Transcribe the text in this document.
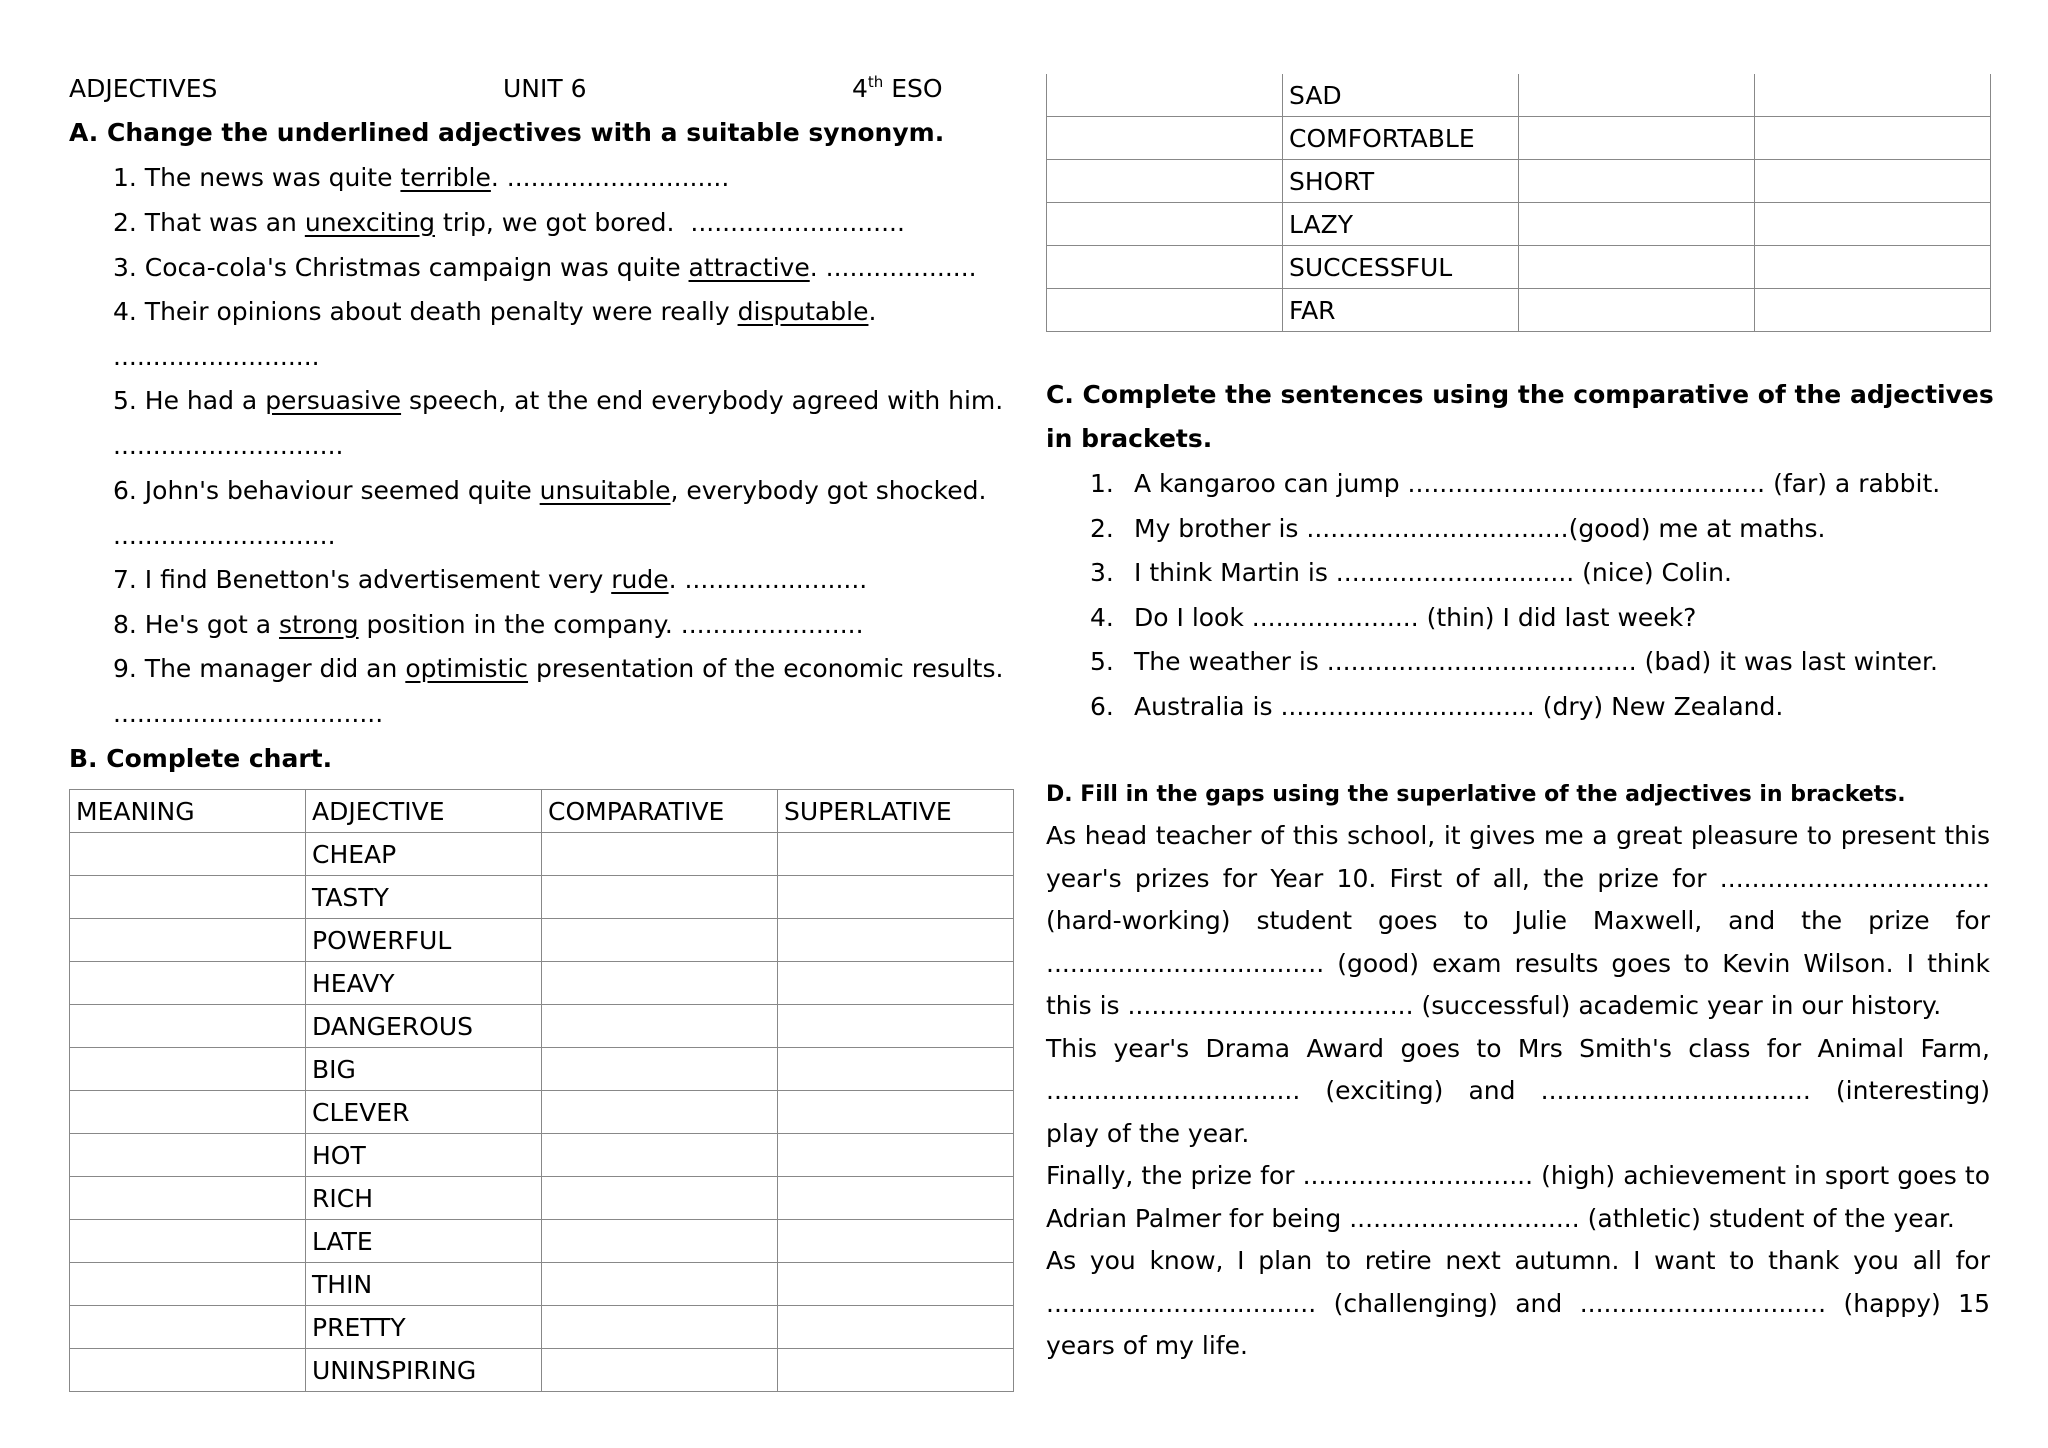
ADJECTIVES	UNIT 6	4th ESO
A. Change the underlined adjectives with a suitable synonym.
1. The news was quite terrible. ............................
2. That was an unexciting trip, we got bored.  ...........................
3. Coca-cola's Christmas campaign was quite attractive. ...................
4. Their opinions about death penalty were really disputable.
..........................
5. He had a persuasive speech, at the end everybody agreed with him.
.............................
6. John's behaviour seemed quite unsuitable, everybody got shocked.
............................
7. I find Benetton's advertisement very rude. .......................
8. He's got a strong position in the company. .......................
9. The manager did an optimistic presentation of the economic results.
..................................
B. Complete chart.
MEANING	ADJECTIVE	COMPARATIVE	SUPERLATIVE
	CHEAP		
	TASTY		
	POWERFUL		
	HEAVY		
	DANGEROUS		
	BIG		
	CLEVER		
	HOT		
	RICH		
	LATE		
	THIN		
	PRETTY		
	UNINSPIRING		
	SAD		
	COMFORTABLE		
	SHORT		
	LAZY		
	SUCCESSFUL		
	FAR		
C. Complete the sentences using the comparative of the adjectives
in brackets.
1. A kangaroo can jump ............................................. (far) a rabbit.
2. My brother is .................................(good) me at maths.
3. I think Martin is .............................. (nice) Colin.
4. Do I look ..................... (thin) I did last week?
5. The weather is ....................................... (bad) it was last winter.
6. Australia is ................................ (dry) New Zealand.
D. Fill in the gaps using the superlative of the adjectives in brackets.
As head teacher of this school, it gives me a great pleasure to present this
year's prizes for Year 10. First of all, the prize for ..................................
(hard-working) student goes to Julie Maxwell, and the prize for
................................... (good) exam results goes to Kevin Wilson. I think
this is .................................... (successful) academic year in our history.
This year's Drama Award goes to Mrs Smith's class for Animal Farm,
................................ (exciting) and .................................. (interesting)
play of the year.
Finally, the prize for ............................. (high) achievement in sport goes to
Adrian Palmer for being ............................. (athletic) student of the year.
As you know, I plan to retire next autumn. I want to thank you all for
.................................. (challenging) and ............................... (happy) 15
years of my life.
